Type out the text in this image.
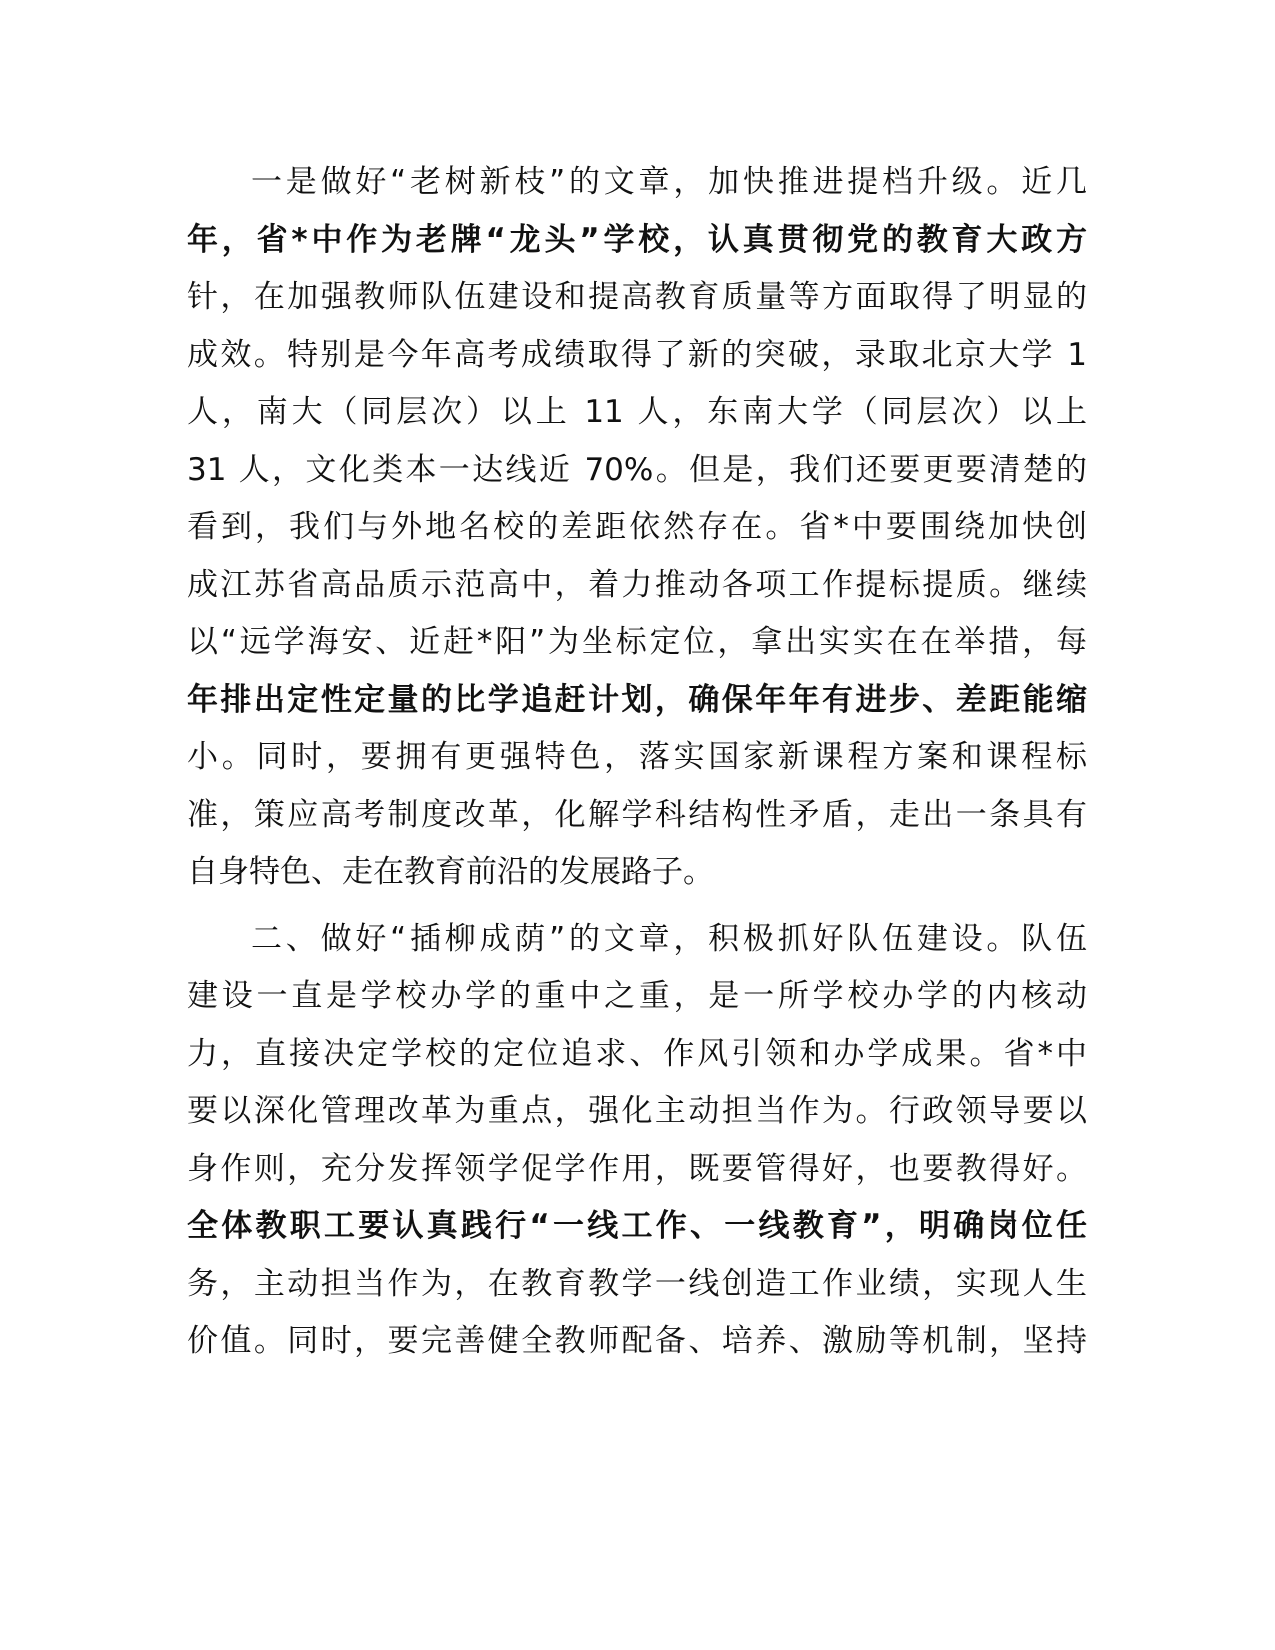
一是做好“老树新枝”的文章，加快推进提档升级。近几
年，省*中作为老牌“龙头”学校，认真贯彻党的教育大政方
针，在加强教师队伍建设和提高教育质量等方面取得了明显的
成效。特别是今年高考成绩取得了新的突破，录取北京大学 1
人，南大（同层次）以上 11 人，东南大学（同层次）以上
31 人，文化类本一达线近 70%。但是，我们还要更要清楚的
看到，我们与外地名校的差距依然存在。省*中要围绕加快创
成江苏省高品质示范高中，着力推动各项工作提标提质。继续
以“远学海安、近赶*阳”为坐标定位，拿出实实在在举措，每
年排出定性定量的比学追赶计划，确保年年有进步、差距能缩
小。同时，要拥有更强特色，落实国家新课程方案和课程标
准，策应高考制度改革，化解学科结构性矛盾，走出一条具有
自身特色、走在教育前沿的发展路子。
二、做好“插柳成荫”的文章，积极抓好队伍建设。队伍
建设一直是学校办学的重中之重，是一所学校办学的内核动
力，直接决定学校的定位追求、作风引领和办学成果。省*中
要以深化管理改革为重点，强化主动担当作为。行政领导要以
身作则，充分发挥领学促学作用，既要管得好，也要教得好。
全体教职工要认真践行“一线工作、一线教育”，明确岗位任
务，主动担当作为，在教育教学一线创造工作业绩，实现人生
价值。同时，要完善健全教师配备、培养、激励等机制，坚持
